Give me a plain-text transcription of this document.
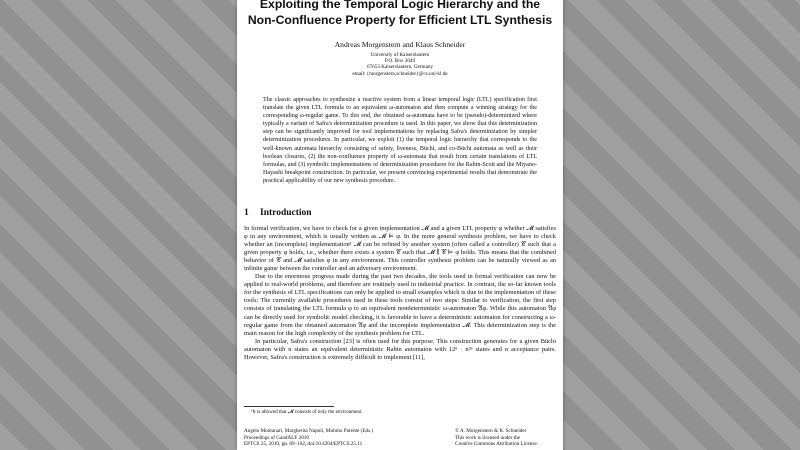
Exploiting the Temporal Logic Hierarchy and the
Non-Confluence Property for Efficient LTL Synthesis
Andreas Morgenstern and Klaus Schneider
University of Kaiserslautern
P.O. Box 3049
67653 Kaiserslautern, Germany
email: {morgenstern,schneider}@cs.uni-kl.de
The classic approaches to synthesize a reactive system from a linear temporal logic (LTL) specification first translate the given LTL formula to an equivalent ω-automaton and then compute a winning strategy for the corresponding ω-regular game. To this end, the obtained ω-automata have to be (pseudo)-determinized where typically a variant of Safra's determinization procedure is used. In this paper, we show that this determinization step can be significantly improved for tool implementations by replacing Safra's determinization by simpler determinization procedures. In particular, we exploit (1) the temporal logic hierarchy that corresponds to the well-known automata hierarchy consisting of safety, liveness, Büchi, and co-Büchi automata as well as their boolean closures, (2) the non-confluence property of ω-automata that result from certain translations of LTL formulas, and (3) symbolic implementations of determinization procedures for the Rabin-Scott and the Miyano-Hayashi breakpoint construction. In particular, we present convincing experimental results that demonstrate the practical applicability of our new synthesis procedure.
1 Introduction

In formal verification, we have to check for a given implementation 𝓜 and a given LTL property φ whether 𝓜 satisfies φ in any environment, which is usually written as 𝓜 ⊨ φ. In the more general synthesis problem, we have to check whether an (incomplete) implementation¹ 𝓜 can be refined by another system (often called a controller) 𝒞 such that a given property φ holds, i.e., whether there exists a system 𝒞 such that 𝓜 ∥ 𝒞 ⊨ φ holds. This means that the combined behavior of 𝒞 and 𝓜 satisfies φ in any environment. This controller synthesis problem can be naturally viewed as an infinite game between the controller and an adversary environment.

Due to the enormous progress made during the past two decades, the tools used in formal verification can now be applied to real-world problems, and therefore are routinely used in industrial practice. In contrast, the so-far known tools for the synthesis of LTL specifications can only be applied to small examples which is due to the implementation of these tools: The currently available procedures used in these tools consist of two steps: Similar to verification, the first step consists of translating the LTL formula φ to an equivalent nondeterministic ω-automaton 𝔄φ. While this automaton 𝔄φ can be directly used for symbolic model checking, it is favorable to have a deterministic automaton for constructing a ω-regular game from the obtained automaton 𝔄φ and the incomplete implementation 𝓜. This determinization step is the main reason for the high complexity of the synthesis problem for LTL.

In particular, Safra's construction [23] is often used for this purpose. This construction generates for a given Büchi automaton with n states an equivalent deterministic Rabin automaton with 12ⁿ · n²ⁿ states and n acceptance pairs. However, Safra's construction is extremely difficult to implement [11],

¹It is allowed that 𝓜 consists of only the environment.
Angelo Montanari, Margherita Napoli, Mimmo Parente (Eds.)
Proceedings of GandALF 2010
EPTCS 25, 2010, pp. 89–102, doi:10.4204/EPTCS.25.11
© A. Morgenstern & K. Schneider
This work is licensed under the
Creative Commons Attribution License.
